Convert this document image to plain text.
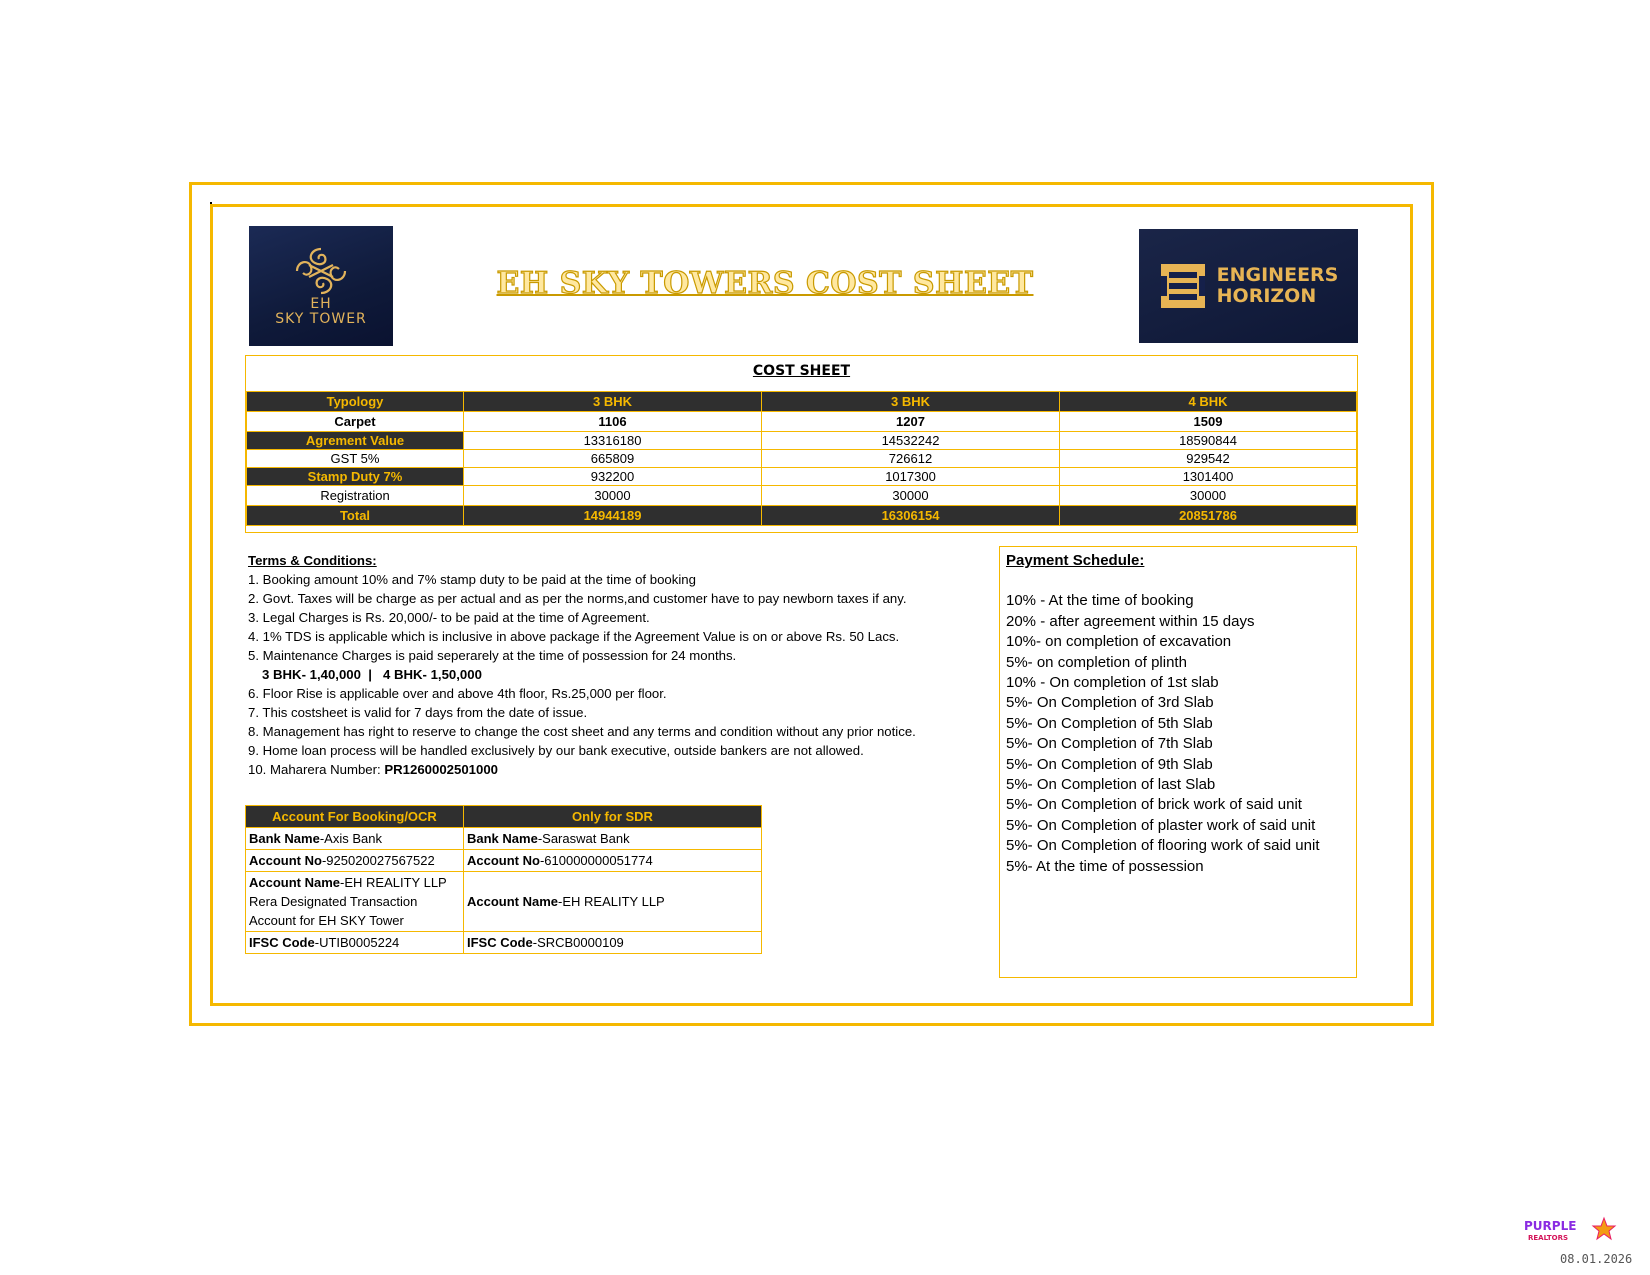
EH
SKY TOWER
EH SKY TOWERS COST SHEET	ENGINEERS
HORIZON
COST SHEET
Typology	3 BHK	3 BHK	4 BHK
Carpet	1106	1207	1509
Agrement Value	13316180	14532242	18590844
GST 5%	665809	726612	929542
Stamp Duty 7%	932200	1017300	1301400
Registration	30000	30000	30000
Total	14944189	16306154	20851786
Terms & Conditions:
1. Booking amount 10% and 7% stamp duty to be paid at the time of booking
2. Govt. Taxes will be charge as per actual and as per the norms,and customer have to pay newborn taxes if any.
3. Legal Charges is Rs. 20,000/- to be paid at the time of Agreement.
4. 1% TDS is applicable which is inclusive in above package if the Agreement Value is on or above Rs. 50 Lacs.
5. Maintenance Charges is paid seperarely at the time of possession for 24 months.
3 BHK- 1,40,000  |   4 BHK- 1,50,000
6. Floor Rise is applicable over and above 4th floor, Rs.25,000 per floor.
7. This costsheet is valid for 7 days from the date of issue.
8. Management has right to reserve to change the cost sheet and any terms and condition without any prior notice.
9. Home loan process will be handled exclusively by our bank executive, outside bankers are not allowed.
10. Maharera Number: PR1260002501000
Account For Booking/OCR	Only for SDR
Bank Name-Axis Bank	Bank Name-Saraswat Bank
Account No-925020027567522	Account No-610000000051774

Account Name-EH REALITY LLP
Rera Designated Transaction
Account for EH SKY Tower	Account Name-EH REALITY LLP
IFSC Code-UTIB0005224	IFSC Code-SRCB0000109
Payment Schedule:
10% - At the time of booking
20% - after agreement within 15 days
10%- on completion of excavation
5%- on completion of plinth
10% - On completion of 1st slab
5%- On Completion of 3rd Slab
5%- On Completion of 5th Slab
5%- On Completion of 7th Slab
5%- On Completion of 9th Slab
5%- On Completion of last Slab
5%- On Completion of brick work of said unit
5%- On Completion of plaster work of said unit
5%- On Completion of flooring work of said unit
5%- At the time of possession
PURPLE
REALTORS
08.01.2026
